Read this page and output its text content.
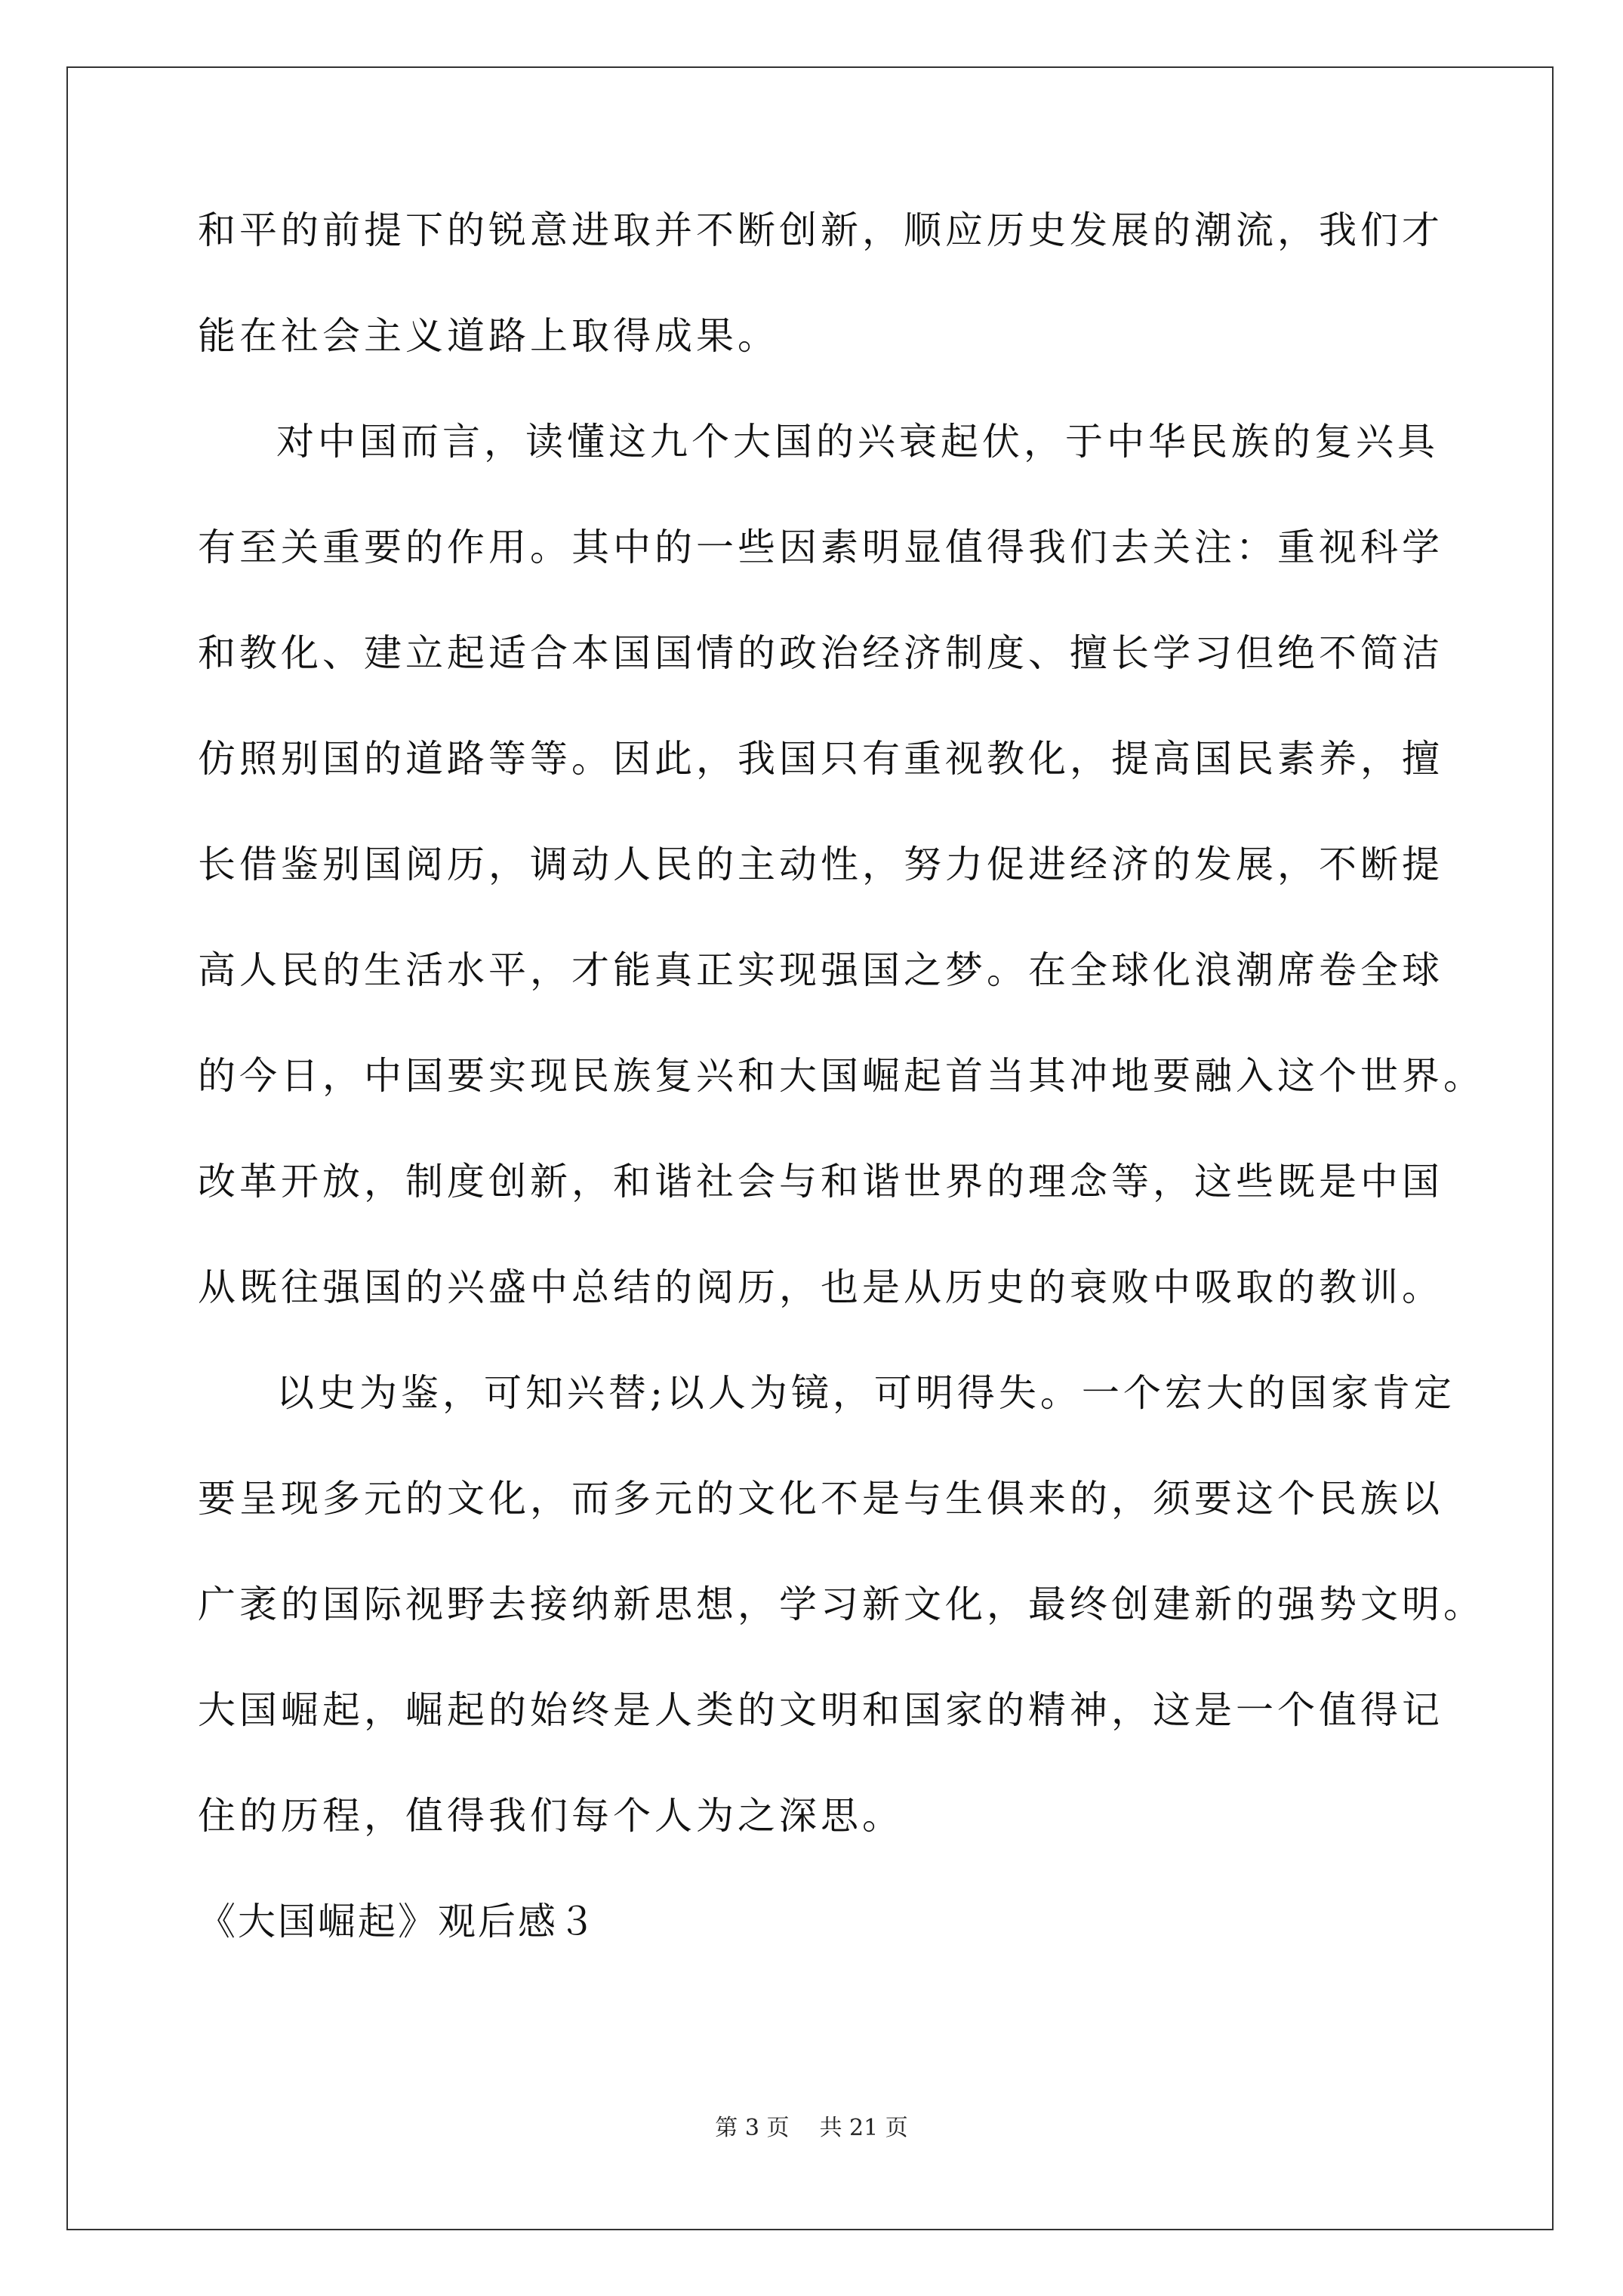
和平的前提下的锐意进取并不断创新，顺应历史发展的潮流，我们才
能在社会主义道路上取得成果。
对中国而言，读懂这九个大国的兴衰起伏，于中华民族的复兴具
有至关重要的作用。其中的一些因素明显值得我们去关注：重视科学
和教化、建立起适合本国国情的政治经济制度、擅长学习但绝不简洁
仿照别国的道路等等。因此，我国只有重视教化，提高国民素养，擅
长借鉴别国阅历，调动人民的主动性，努力促进经济的发展，不断提
高人民的生活水平，才能真正实现强国之梦。在全球化浪潮席卷全球
的今日，中国要实现民族复兴和大国崛起首当其冲地要融入这个世界。
改革开放，制度创新，和谐社会与和谐世界的理念等，这些既是中国
从既往强国的兴盛中总结的阅历，也是从历史的衰败中吸取的教训。
以史为鉴，可知兴替;以人为镜，可明得失。一个宏大的国家肯定
要呈现多元的文化，而多元的文化不是与生俱来的，须要这个民族以
广袤的国际视野去接纳新思想，学习新文化，最终创建新的强势文明。
大国崛起，崛起的始终是人类的文明和国家的精神，这是一个值得记
住的历程，值得我们每个人为之深思。
《大国崛起》观后感３
第 3 页 共 21 页
